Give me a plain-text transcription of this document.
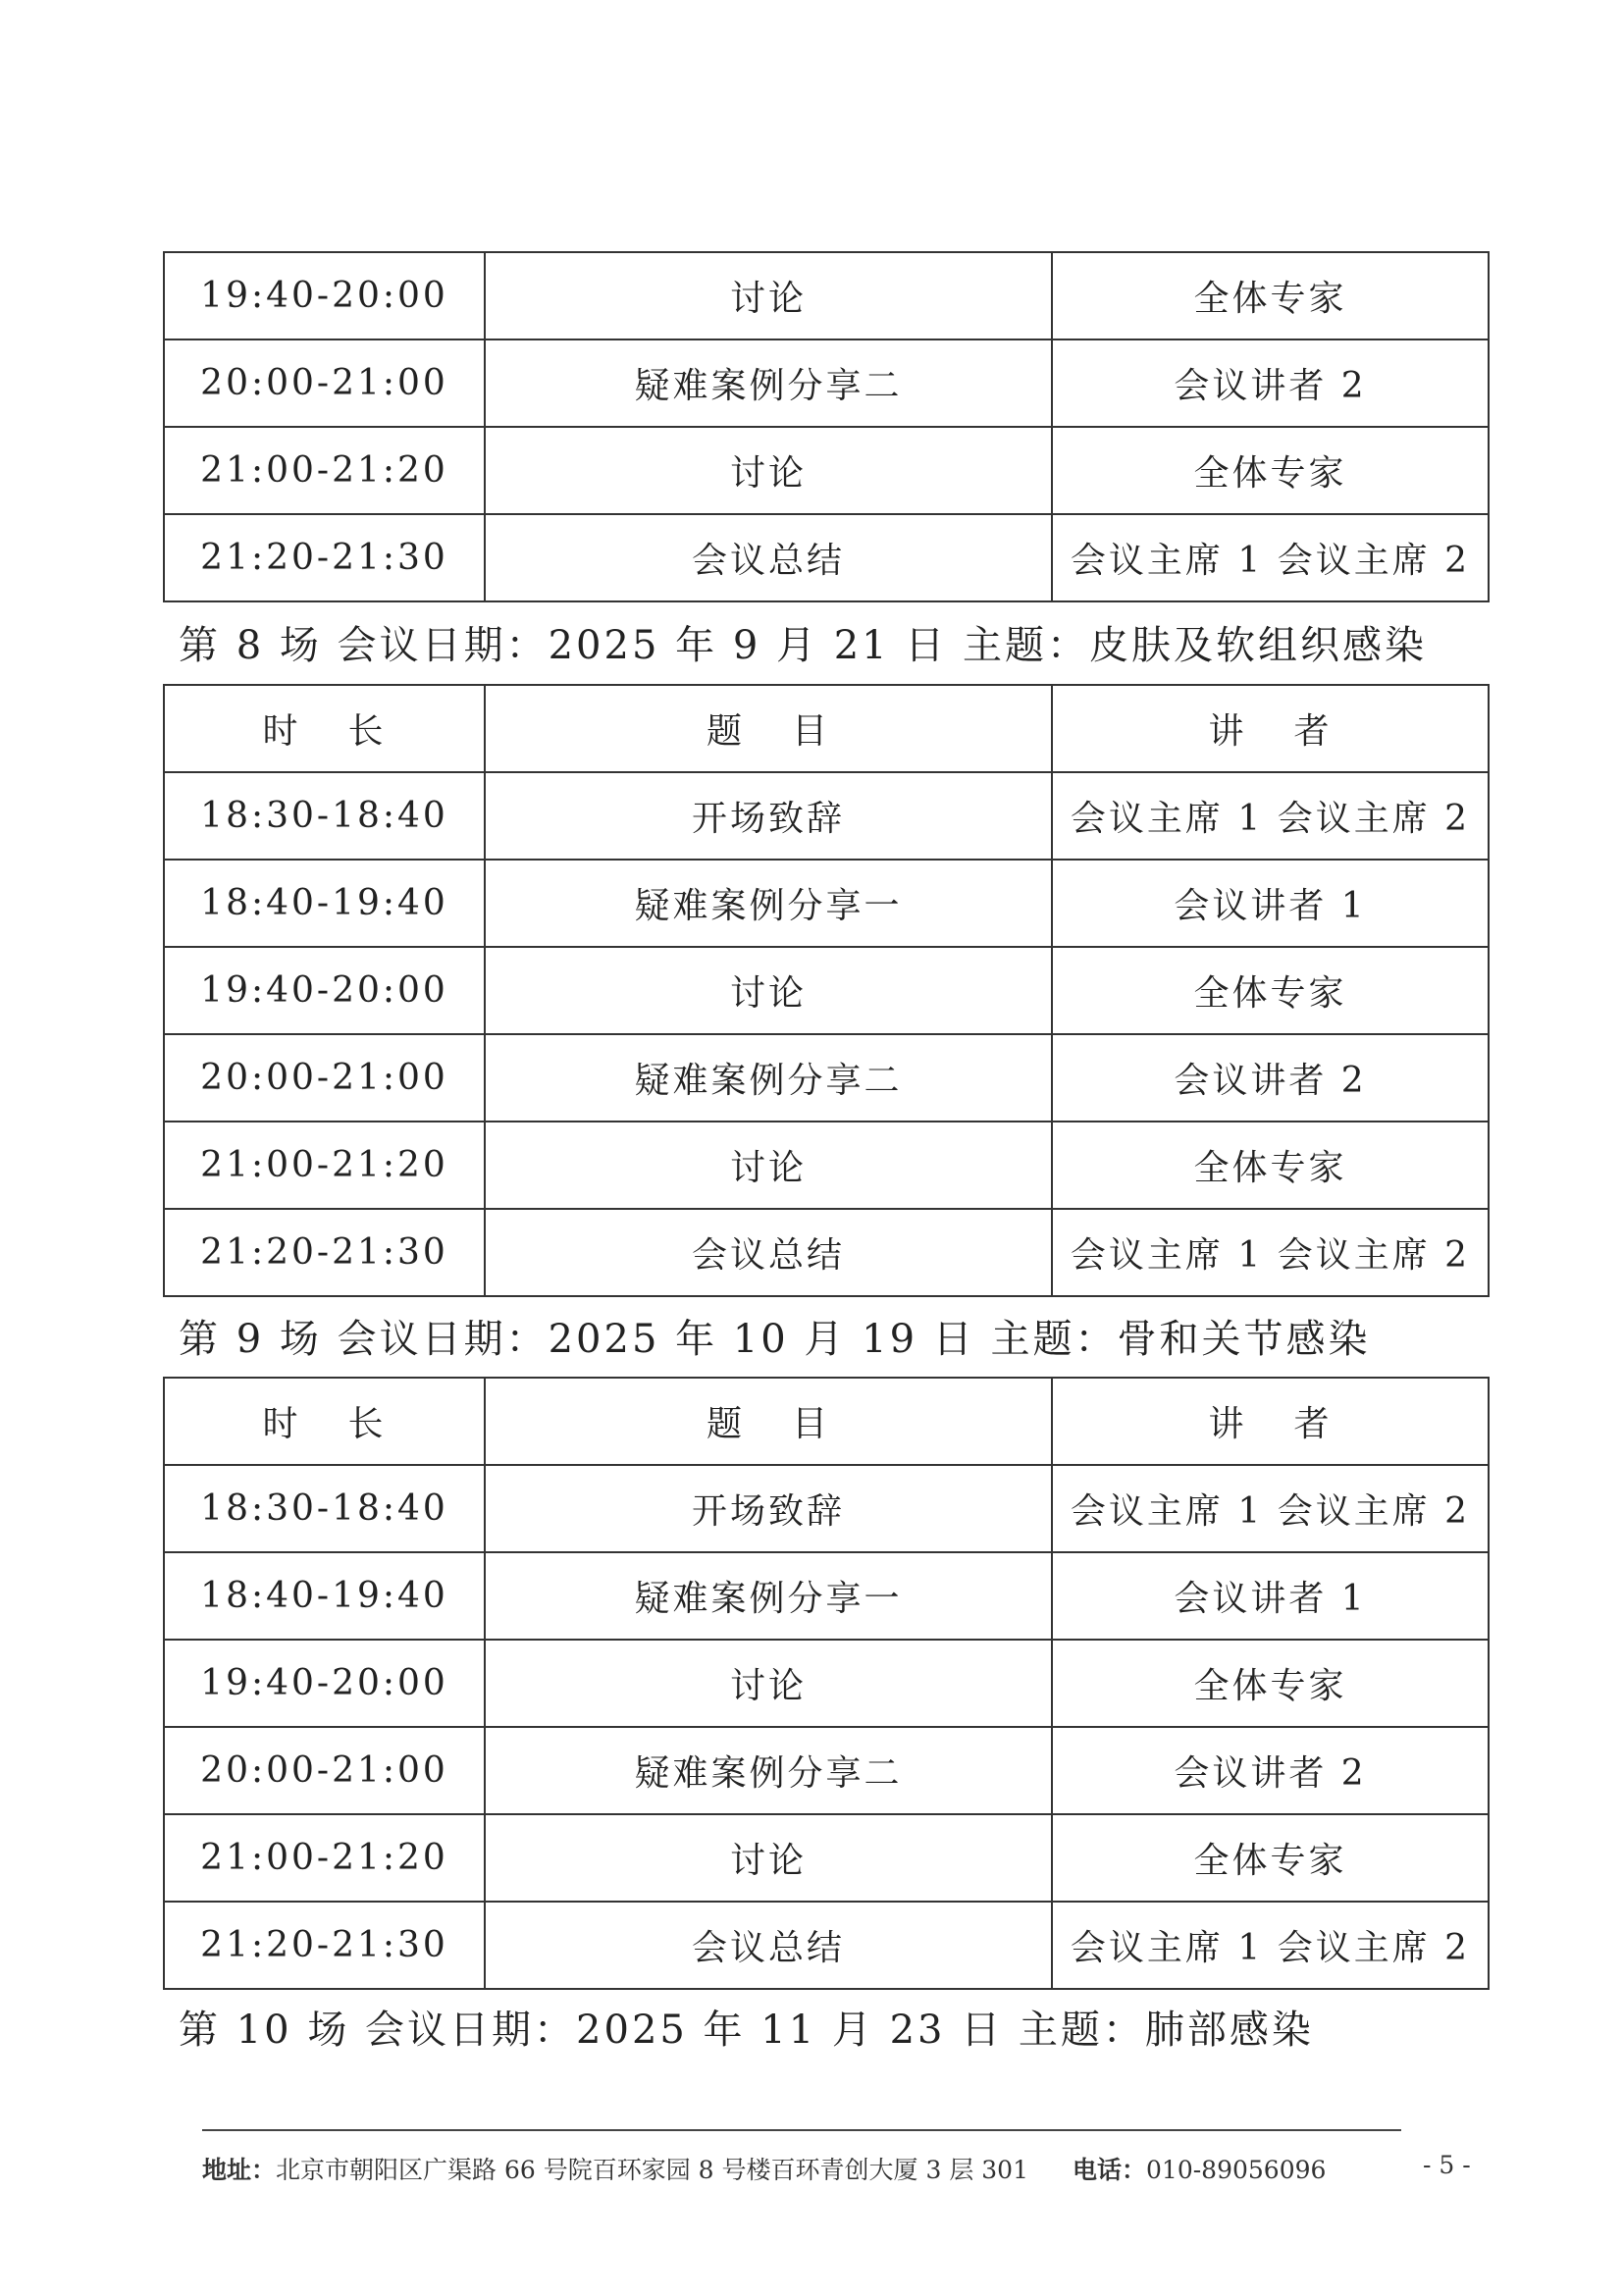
19:40-20:00	讨论	全体专家
20:00-21:00	疑难案例分享二	会议讲者 2
21:00-21:20	讨论	全体专家
21:20-21:30	会议总结	会议主席 1 会议主席 2
第 8 场 会议日期：2025 年 9 月 21 日 主题：皮肤及软组织感染
时 长	题 目	讲 者
18:30-18:40	开场致辞	会议主席 1 会议主席 2
18:40-19:40	疑难案例分享一	会议讲者 1
19:40-20:00	讨论	全体专家
20:00-21:00	疑难案例分享二	会议讲者 2
21:00-21:20	讨论	全体专家
21:20-21:30	会议总结	会议主席 1 会议主席 2
第 9 场 会议日期：2025 年 10 月 19 日 主题：骨和关节感染
时 长	题 目	讲 者
18:30-18:40	开场致辞	会议主席 1 会议主席 2
18:40-19:40	疑难案例分享一	会议讲者 1
19:40-20:00	讨论	全体专家
20:00-21:00	疑难案例分享二	会议讲者 2
21:00-21:20	讨论	全体专家
21:20-21:30	会议总结	会议主席 1 会议主席 2
第 10 场 会议日期：2025 年 11 月 23 日 主题：肺部感染
地址：北京市朝阳区广渠路 66 号院百环家园 8 号楼百环青创大厦 3 层 301 电话：010-89056096	- 5 -
